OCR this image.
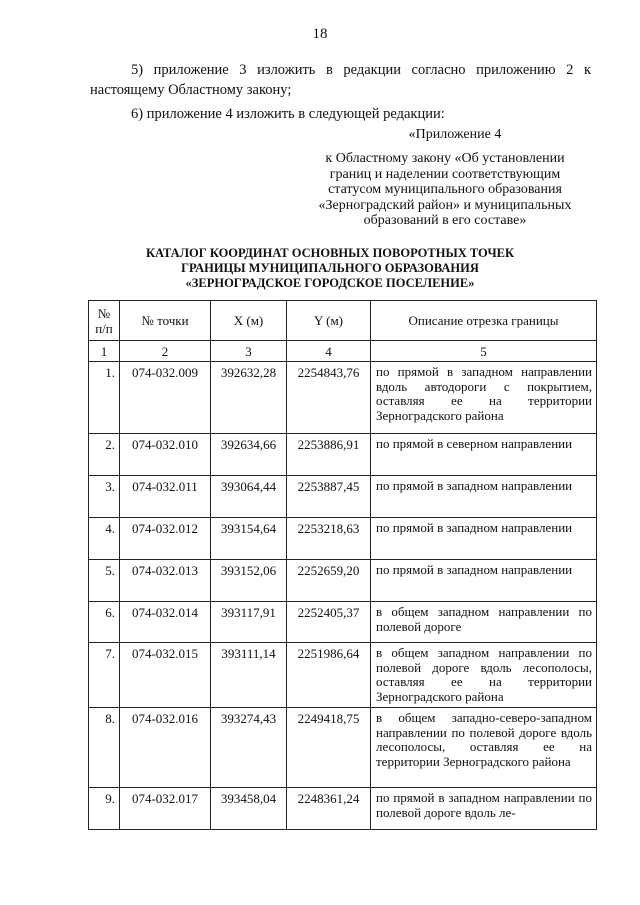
18
5) приложение 3 изложить в редакции согласно приложению 2 к
настоящему Областному закону;
6) приложение 4 изложить в следующей редакции:
«Приложение 4
к Областному закону «Об установлении
границ и наделении соответствующим
статусом муниципального образования
«Зерноградский район» и муниципальных
образований в его составе»
КАТАЛОГ КООРДИНАТ ОСНОВНЫХ ПОВОРОТНЫХ ТОЧЕК
ГРАНИЦЫ МУНИЦИПАЛЬНОГО ОБРАЗОВАНИЯ
«ЗЕРНОГРАДСКОЕ ГОРОДСКОЕ ПОСЕЛЕНИЕ»
№
п/п	№ точки	X (м)	Y (м)	Описание отрезка границы
1	2	3	4	5
1.	074-032.009	392632,28	2254843,76	по прямой в западном направлении вдоль автодороги с покрытием, оставляя ее на территории Зерноградского района
2.	074-032.010	392634,66	2253886,91	по прямой в северном направлении
3.	074-032.011	393064,44	2253887,45	по прямой в западном направлении
4.	074-032.012	393154,64	2253218,63	по прямой в западном направлении
5.	074-032.013	393152,06	2252659,20	по прямой в западном направлении
6.	074-032.014	393117,91	2252405,37	в общем западном направлении по полевой дороге
7.	074-032.015	393111,14	2251986,64	в общем западном направлении по полевой дороге вдоль лесополосы, оставляя ее на территории Зерноградского района
8.	074-032.016	393274,43	2249418,75	в общем западно-северо-западном направлении по полевой дороге вдоль лесополосы, оставляя ее на территории Зерноградского района
9.	074-032.017	393458,04	2248361,24	по прямой в западном направлении по полевой дороге вдоль ле-
